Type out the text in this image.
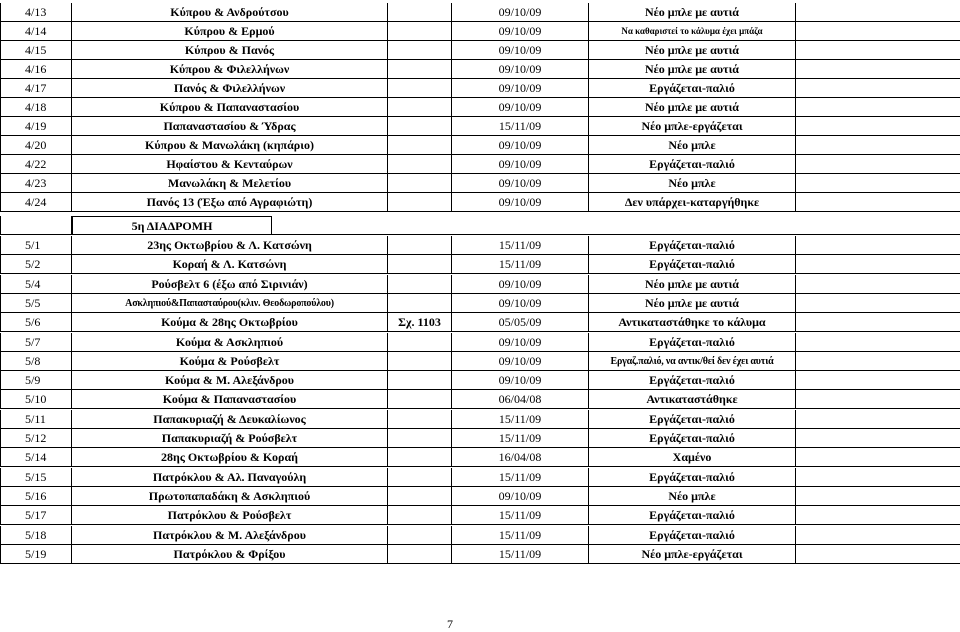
4/13	Κύπρου & Ανδρούτσου	09/10/09	Νέο μπλε με αυτιά
4/14	Κύπρου & Ερμού	09/10/09	Να καθαριστεί το κάλυμα έχει μπάζα
4/15	Κύπρου & Πανός	09/10/09	Νέο μπλε με αυτιά
4/16	Κύπρου & Φιλελλήνων	09/10/09	Νέο μπλε με αυτιά
4/17	Πανός & Φιλελλήνων	09/10/09	Εργάζεται-παλιό
4/18	Κύπρου & Παπαναστασίου	09/10/09	Νέο μπλε με αυτιά
4/19	Παπαναστασίου & Ύδρας	15/11/09	Νέο μπλε-εργάζεται
4/20	Κύπρου & Μανωλάκη (κηπάριο)	09/10/09	Νέο μπλε
4/22	Ηφαίστου & Κενταύρων	09/10/09	Εργάζεται-παλιό
4/23	Μανωλάκη & Μελετίου	09/10/09	Νέο μπλε
4/24	Πανός 13 (Έξω από Αγραφιώτη)	09/10/09	Δεν υπάρχει-καταργήθηκε
5η ΔΙΑΔΡΟΜΗ
5/1	23ης Οκτωβρίου & Λ. Κατσώνη	15/11/09	Εργάζεται-παλιό
5/2	Κοραή & Λ. Κατσώνη	15/11/09	Εργάζεται-παλιό
5/4	Ρούσβελτ 6 (έξω από Σιρινιάν)	09/10/09	Νέο μπλε με αυτιά
5/5	Ασκληπιού&Παπασταύρου(κλιν. Θεοδωροπούλου)	09/10/09	Νέο μπλε με αυτιά
5/6	Κούμα & 28ης Οκτωβρίου	Σχ. 1103	05/05/09	Αντικαταστάθηκε το κάλυμα
5/7	Κούμα & Ασκληπιού	09/10/09	Εργάζεται-παλιό
5/8	Κούμα & Ρούσβελτ	09/10/09	Εργαζ.παλιό, να αντικ/θεί δεν έχει αυτιά
5/9	Κούμα & Μ. Αλεξάνδρου	09/10/09	Εργάζεται-παλιό
5/10	Κούμα & Παπαναστασίου	06/04/08	Αντικαταστάθηκε
5/11	Παπακυριαζή & Δευκαλίωνος	15/11/09	Εργάζεται-παλιό
5/12	Παπακυριαζή & Ρούσβελτ	15/11/09	Εργάζεται-παλιό
5/14	28ης Οκτωβρίου & Κοραή	16/04/08	Χαμένο
5/15	Πατρόκλου & Αλ. Παναγούλη	15/11/09	Εργάζεται-παλιό
5/16	Πρωτοπαπαδάκη & Ασκληπιού	09/10/09	Νέο μπλε
5/17	Πατρόκλου & Ρούσβελτ	15/11/09	Εργάζεται-παλιό
5/18	Πατρόκλου & Μ. Αλεξάνδρου	15/11/09	Εργάζεται-παλιό
5/19	Πατρόκλου & Φρίξου	15/11/09	Νέο μπλε-εργάζεται
7
